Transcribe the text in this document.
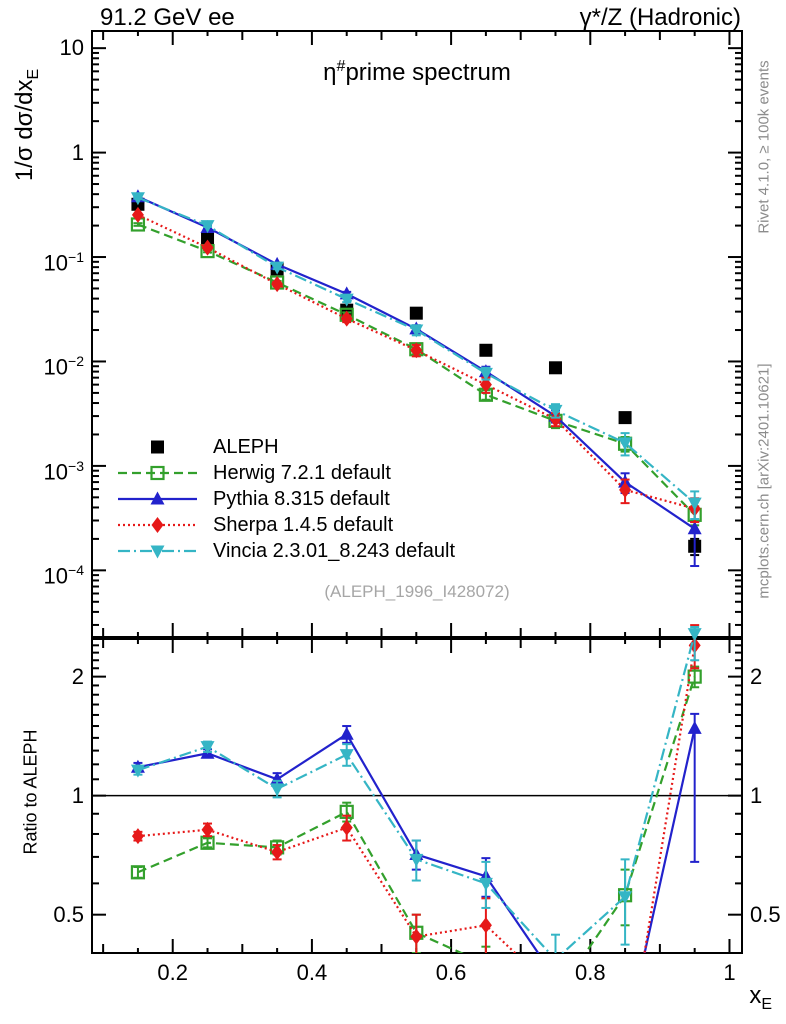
91.2 GeV ee	γ*/Z (Hadronic)
η#prime spectrum
1/σ $d\sigma/dx_E$
Ratio to ALEPH
Rivet 4.1.0, ≥ 100k events
mcplots.cern.ch [arXiv:2401.10621]
(ALEPH_1996_I428072)
$x_E$
ALEPH
Herwig 7.2.1 default
Pythia 8.315 default
Sherpa 1.4.5 default
Vincia 2.3.01_8.243 default
0.2	0.4	0.6	0.8	1
10
1
$10^{-1}$
$10^{-2}$
$10^{-3}$
$10^{-4}$
2	2
1	1
0.5	0.5
